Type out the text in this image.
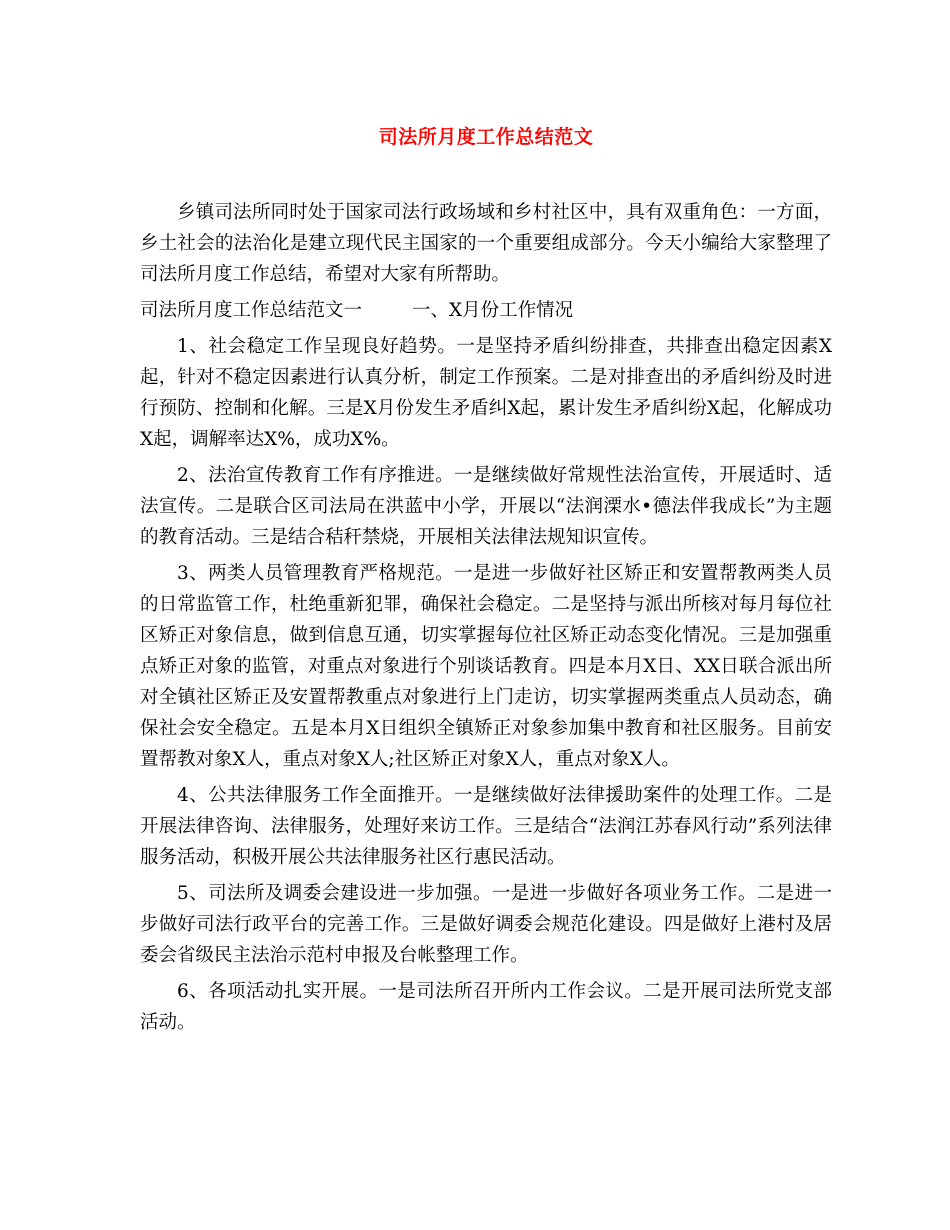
司法所月度工作总结范文

乡镇司法所同时处于国家司法行政场域和乡村社区中，具有双重角色：一方面，乡土社会的法治化是建立现代民主国家的一个重要组成部分。今天小编给大家整理了司法所月度工作总结，希望对大家有所帮助。

司法所月度工作总结范文一	一、X月份工作情况

1、社会稳定工作呈现良好趋势。一是坚持矛盾纠纷排查，共排查出稳定因素X起，针对不稳定因素进行认真分析，制定工作预案。二是对排查出的矛盾纠纷及时进行预防、控制和化解。三是X月份发生矛盾纠X起，累计发生矛盾纠纷X起，化解成功X起，调解率达X%，成功X%。

2、法治宣传教育工作有序推进。一是继续做好常规性法治宣传，开展适时、适法宣传。二是联合区司法局在洪蓝中小学，开展以“法润溧水•德法伴我成长”为主题的教育活动。三是结合秸秆禁烧，开展相关法律法规知识宣传。

3、两类人员管理教育严格规范。一是进一步做好社区矫正和安置帮教两类人员的日常监管工作，杜绝重新犯罪，确保社会稳定。二是坚持与派出所核对每月每位社区矫正对象信息，做到信息互通，切实掌握每位社区矫正动态变化情况。三是加强重点矫正对象的监管，对重点对象进行个别谈话教育。四是本月X日、XX日联合派出所对全镇社区矫正及安置帮教重点对象进行上门走访，切实掌握两类重点人员动态，确保社会安全稳定。五是本月X日组织全镇矫正对象参加集中教育和社区服务。目前安置帮教对象X人，重点对象X人;社区矫正对象X人，重点对象X人。

4、公共法律服务工作全面推开。一是继续做好法律援助案件的处理工作。二是开展法律咨询、法律服务，处理好来访工作。三是结合“法润江苏春风行动”系列法律服务活动，积极开展公共法律服务社区行惠民活动。

5、司法所及调委会建设进一步加强。一是进一步做好各项业务工作。二是进一步做好司法行政平台的完善工作。三是做好调委会规范化建设。四是做好上港村及居委会省级民主法治示范村申报及台帐整理工作。

6、各项活动扎实开展。一是司法所召开所内工作会议。二是开展司法所党支部活动。
